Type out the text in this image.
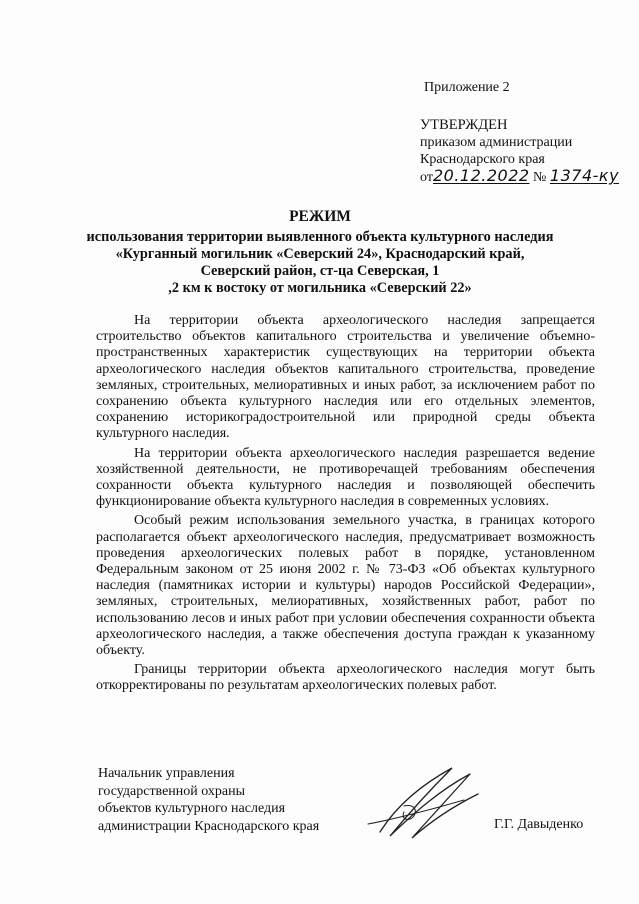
Приложение 2
УТВЕРЖДЕН
приказом администрации
Краснодарского края
от20.12.2022 № 1374-ку
РЕЖИМ
использования территории выявленного объекта культурного наследия
«Курганный могильник «Северский 24», Краснодарский край,
Северский район, ст-ца Северская, 1
,2 км к востоку от могильника «Северский 22»

На территории объекта археологического наследия запрещается строительство объектов капитального строительства и увеличение объемно-пространственных характеристик существующих на территории объекта археологического наследия объектов капитального строительства, проведение земляных, строительных, мелиоративных и иных работ, за исключением работ по сохранению объекта культурного наследия или его отдельных элементов, сохранению историкоградостроительной или природной среды объекта культурного наследия.

На территории объекта археологического наследия разрешается ведение хозяйственной деятельности, не противоречащей требованиям обеспечения сохранности объекта культурного наследия и позволяющей обеспечить функционирование объекта культурного наследия в современных условиях.

Особый режим использования земельного участка, в границах которого располагается объект археологического наследия, предусматривает возможность проведения археологических полевых работ в порядке, установленном Федеральным законом от 25 июня 2002 г. № 73-ФЗ «Об объектах культурного наследия (памятниках истории и культуры) народов Российской Федерации», земляных, строительных, мелиоративных, хозяйственных работ, работ по использованию лесов и иных работ при условии обеспечения сохранности объекта археологического наследия, а также обеспечения доступа граждан к указанному объекту.

Границы территории объекта археологического наследия могут быть откорректированы по результатам археологических полевых работ.

Начальник управления
государственной охраны
объектов культурного наследия
администрации Краснодарского края	Г.Г. Давыденко
